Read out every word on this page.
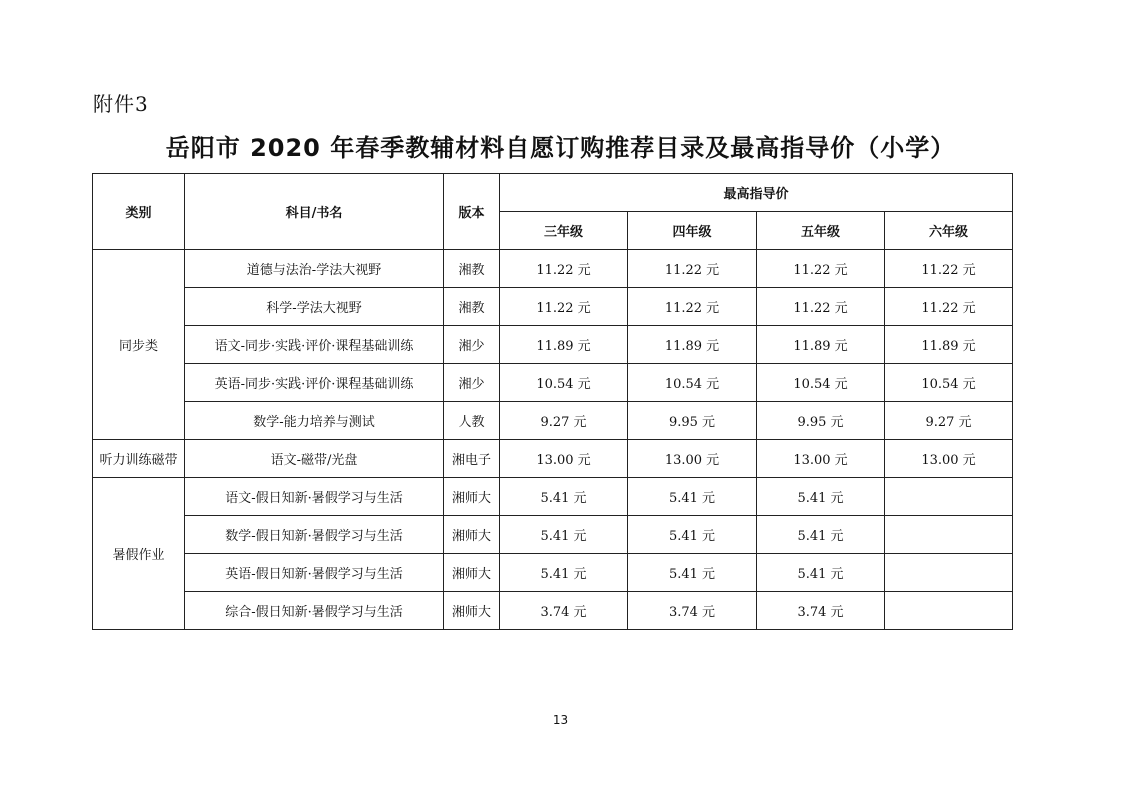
附件3
岳阳市 2020 年春季教辅材料自愿订购推荐目录及最高指导价（小学）
类别	科目/书名	版本	最高指导价			
			三年级	四年级	五年级	六年级
同步类	道德与法治-学法大视野	湘教	11.22 元	11.22 元	11.22 元	11.22 元
	科学-学法大视野	湘教	11.22 元	11.22 元	11.22 元	11.22 元
	语文-同步·实践·评价·课程基础训练	湘少	11.89 元	11.89 元	11.89 元	11.89 元
	英语-同步·实践·评价·课程基础训练	湘少	10.54 元	10.54 元	10.54 元	10.54 元
	数学-能力培养与测试	人教	9.27 元	9.95 元	9.95 元	9.27 元
听力训练磁带	语文-磁带/光盘	湘电子	13.00 元	13.00 元	13.00 元	13.00 元
暑假作业	语文-假日知新·暑假学习与生活	湘师大	5.41 元	5.41 元	5.41 元	
	数学-假日知新·暑假学习与生活	湘师大	5.41 元	5.41 元	5.41 元	
	英语-假日知新·暑假学习与生活	湘师大	5.41 元	5.41 元	5.41 元	
	综合-假日知新·暑假学习与生活	湘师大	3.74 元	3.74 元	3.74 元	
13
